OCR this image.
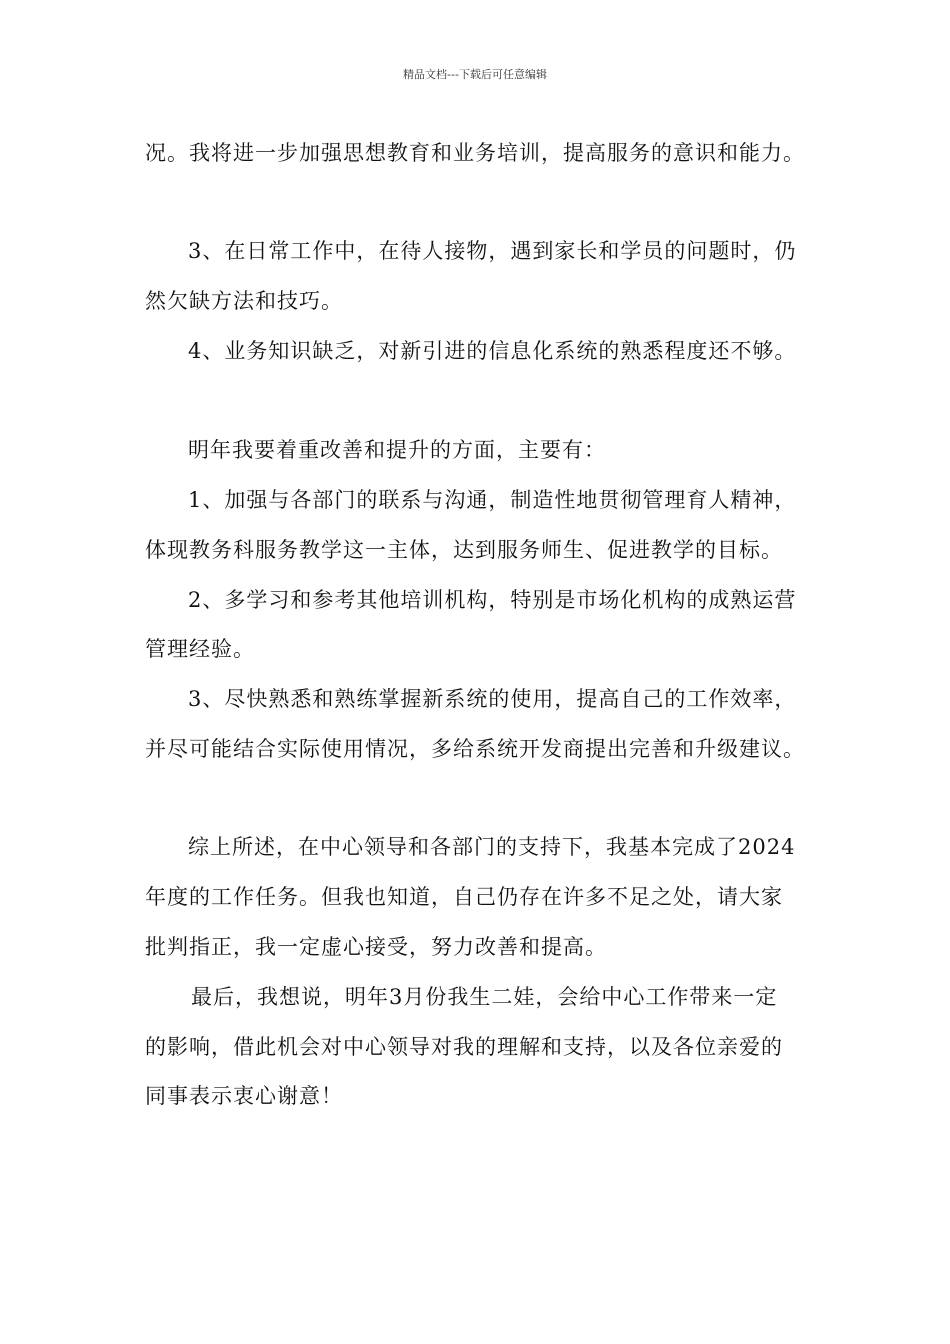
精品文档---下载后可任意编辑
况。我将进一步加强思想教育和业务培训，提高服务的意识和能力。
3、在日常工作中，在待人接物，遇到家长和学员的问题时，仍
然欠缺方法和技巧。
4、业务知识缺乏，对新引进的信息化系统的熟悉程度还不够。
明年我要着重改善和提升的方面，主要有：
1、加强与各部门的联系与沟通，制造性地贯彻管理育人精神，
体现教务科服务教学这一主体，达到服务师生、促进教学的目标。
2、多学习和参考其他培训机构，特别是市场化机构的成熟运营
管理经验。
3、尽快熟悉和熟练掌握新系统的使用，提高自己的工作效率，
并尽可能结合实际使用情况，多给系统开发商提出完善和升级建议。
综上所述，在中心领导和各部门的支持下，我基本完成了2024
年度的工作任务。但我也知道，自己仍存在许多不足之处，请大家
批判指正，我一定虚心接受，努力改善和提高。
最后，我想说，明年3月份我生二娃，会给中心工作带来一定
的影响，借此机会对中心领导对我的理解和支持，以及各位亲爱的
同事表示衷心谢意！
